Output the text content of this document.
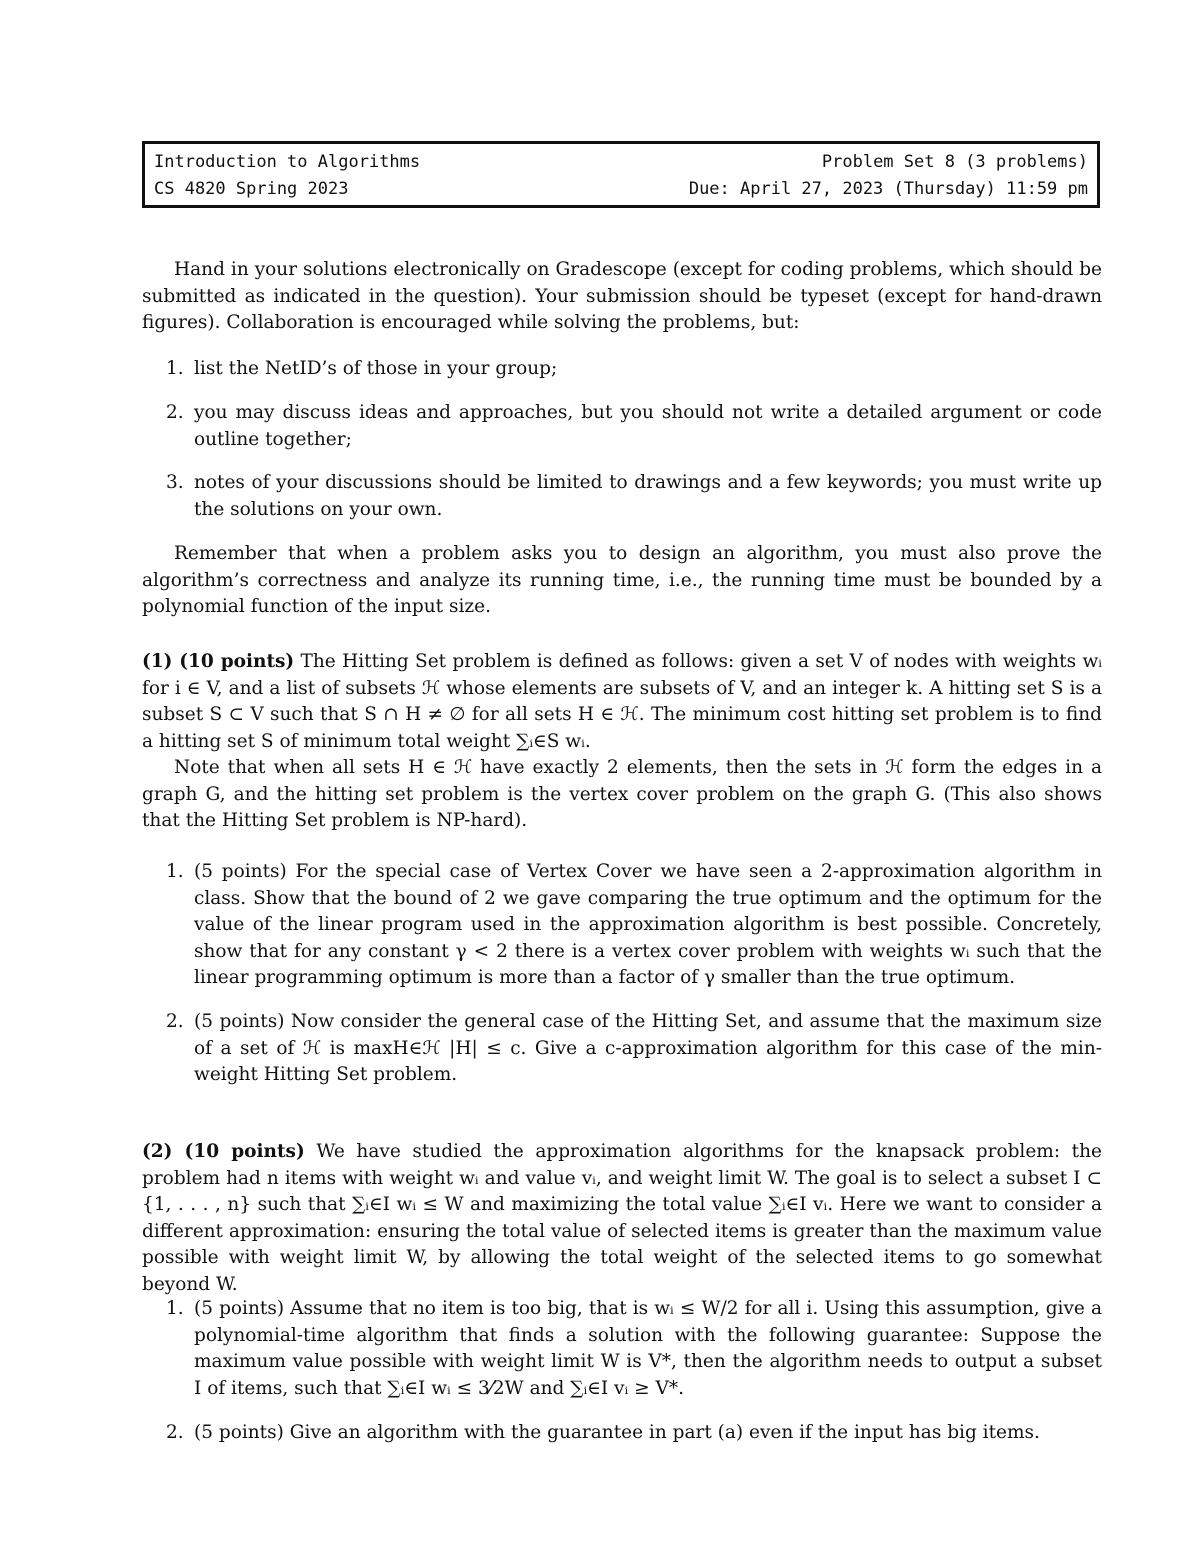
Introduction to Algorithms	Problem Set 8 (3 problems)
CS 4820 Spring 2023	Due: April 27, 2023 (Thursday) 11:59 pm

Hand in your solutions electronically on Gradescope (except for coding problems, which should be submitted as indicated in the question). Your submission should be typeset (except for hand-drawn figures). Collaboration is encouraged while solving the problems, but:

1. list the NetID’s of those in your group;
2. you may discuss ideas and approaches, but you should not write a detailed argument or code outline together;
3. notes of your discussions should be limited to drawings and a few keywords; you must write up the solutions on your own.

Remember that when a problem asks you to design an algorithm, you must also prove the algorithm’s correctness and analyze its running time, i.e., the running time must be bounded by a polynomial function of the input size.

(1) (10 points) The Hitting Set problem is defined as follows: given a set V of nodes with weights wᵢ for i ∈ V, and a list of subsets ℋ whose elements are subsets of V, and an integer k. A hitting set S is a subset S ⊂ V such that S ∩ H ≠ ∅ for all sets H ∈ ℋ. The minimum cost hitting set problem is to find a hitting set S of minimum total weight ∑ᵢ∈S wᵢ.

Note that when all sets H ∈ ℋ have exactly 2 elements, then the sets in ℋ form the edges in a graph G, and the hitting set problem is the vertex cover problem on the graph G. (This also shows that the Hitting Set problem is NP-hard).

1. (5 points) For the special case of Vertex Cover we have seen a 2-approximation algorithm in class. Show that the bound of 2 we gave comparing the true optimum and the optimum for the value of the linear program used in the approximation algorithm is best possible. Concretely, show that for any constant γ < 2 there is a vertex cover problem with weights wᵢ such that the linear programming optimum is more than a factor of γ smaller than the true optimum.
2. (5 points) Now consider the general case of the Hitting Set, and assume that the maximum size of a set of ℋ is maxH∈ℋ |H| ≤ c. Give a c-approximation algorithm for this case of the min-weight Hitting Set problem.

(2) (10 points) We have studied the approximation algorithms for the knapsack problem: the problem had n items with weight wᵢ and value vᵢ, and weight limit W. The goal is to select a subset I ⊂ {1, . . . , n} such that ∑ᵢ∈I wᵢ ≤ W and maximizing the total value ∑ᵢ∈I vᵢ. Here we want to consider a different approximation: ensuring the total value of selected items is greater than the maximum value possible with weight limit W, by allowing the total weight of the selected items to go somewhat beyond W.

1. (5 points) Assume that no item is too big, that is wᵢ ≤ W/2 for all i. Using this assumption, give a polynomial-time algorithm that finds a solution with the following guarantee: Suppose the maximum value possible with weight limit W is V*, then the algorithm needs to output a subset I of items, such that ∑ᵢ∈I wᵢ ≤ 3⁄2W and ∑ᵢ∈I vᵢ ≥ V*.
2. (5 points) Give an algorithm with the guarantee in part (a) even if the input has big items.
